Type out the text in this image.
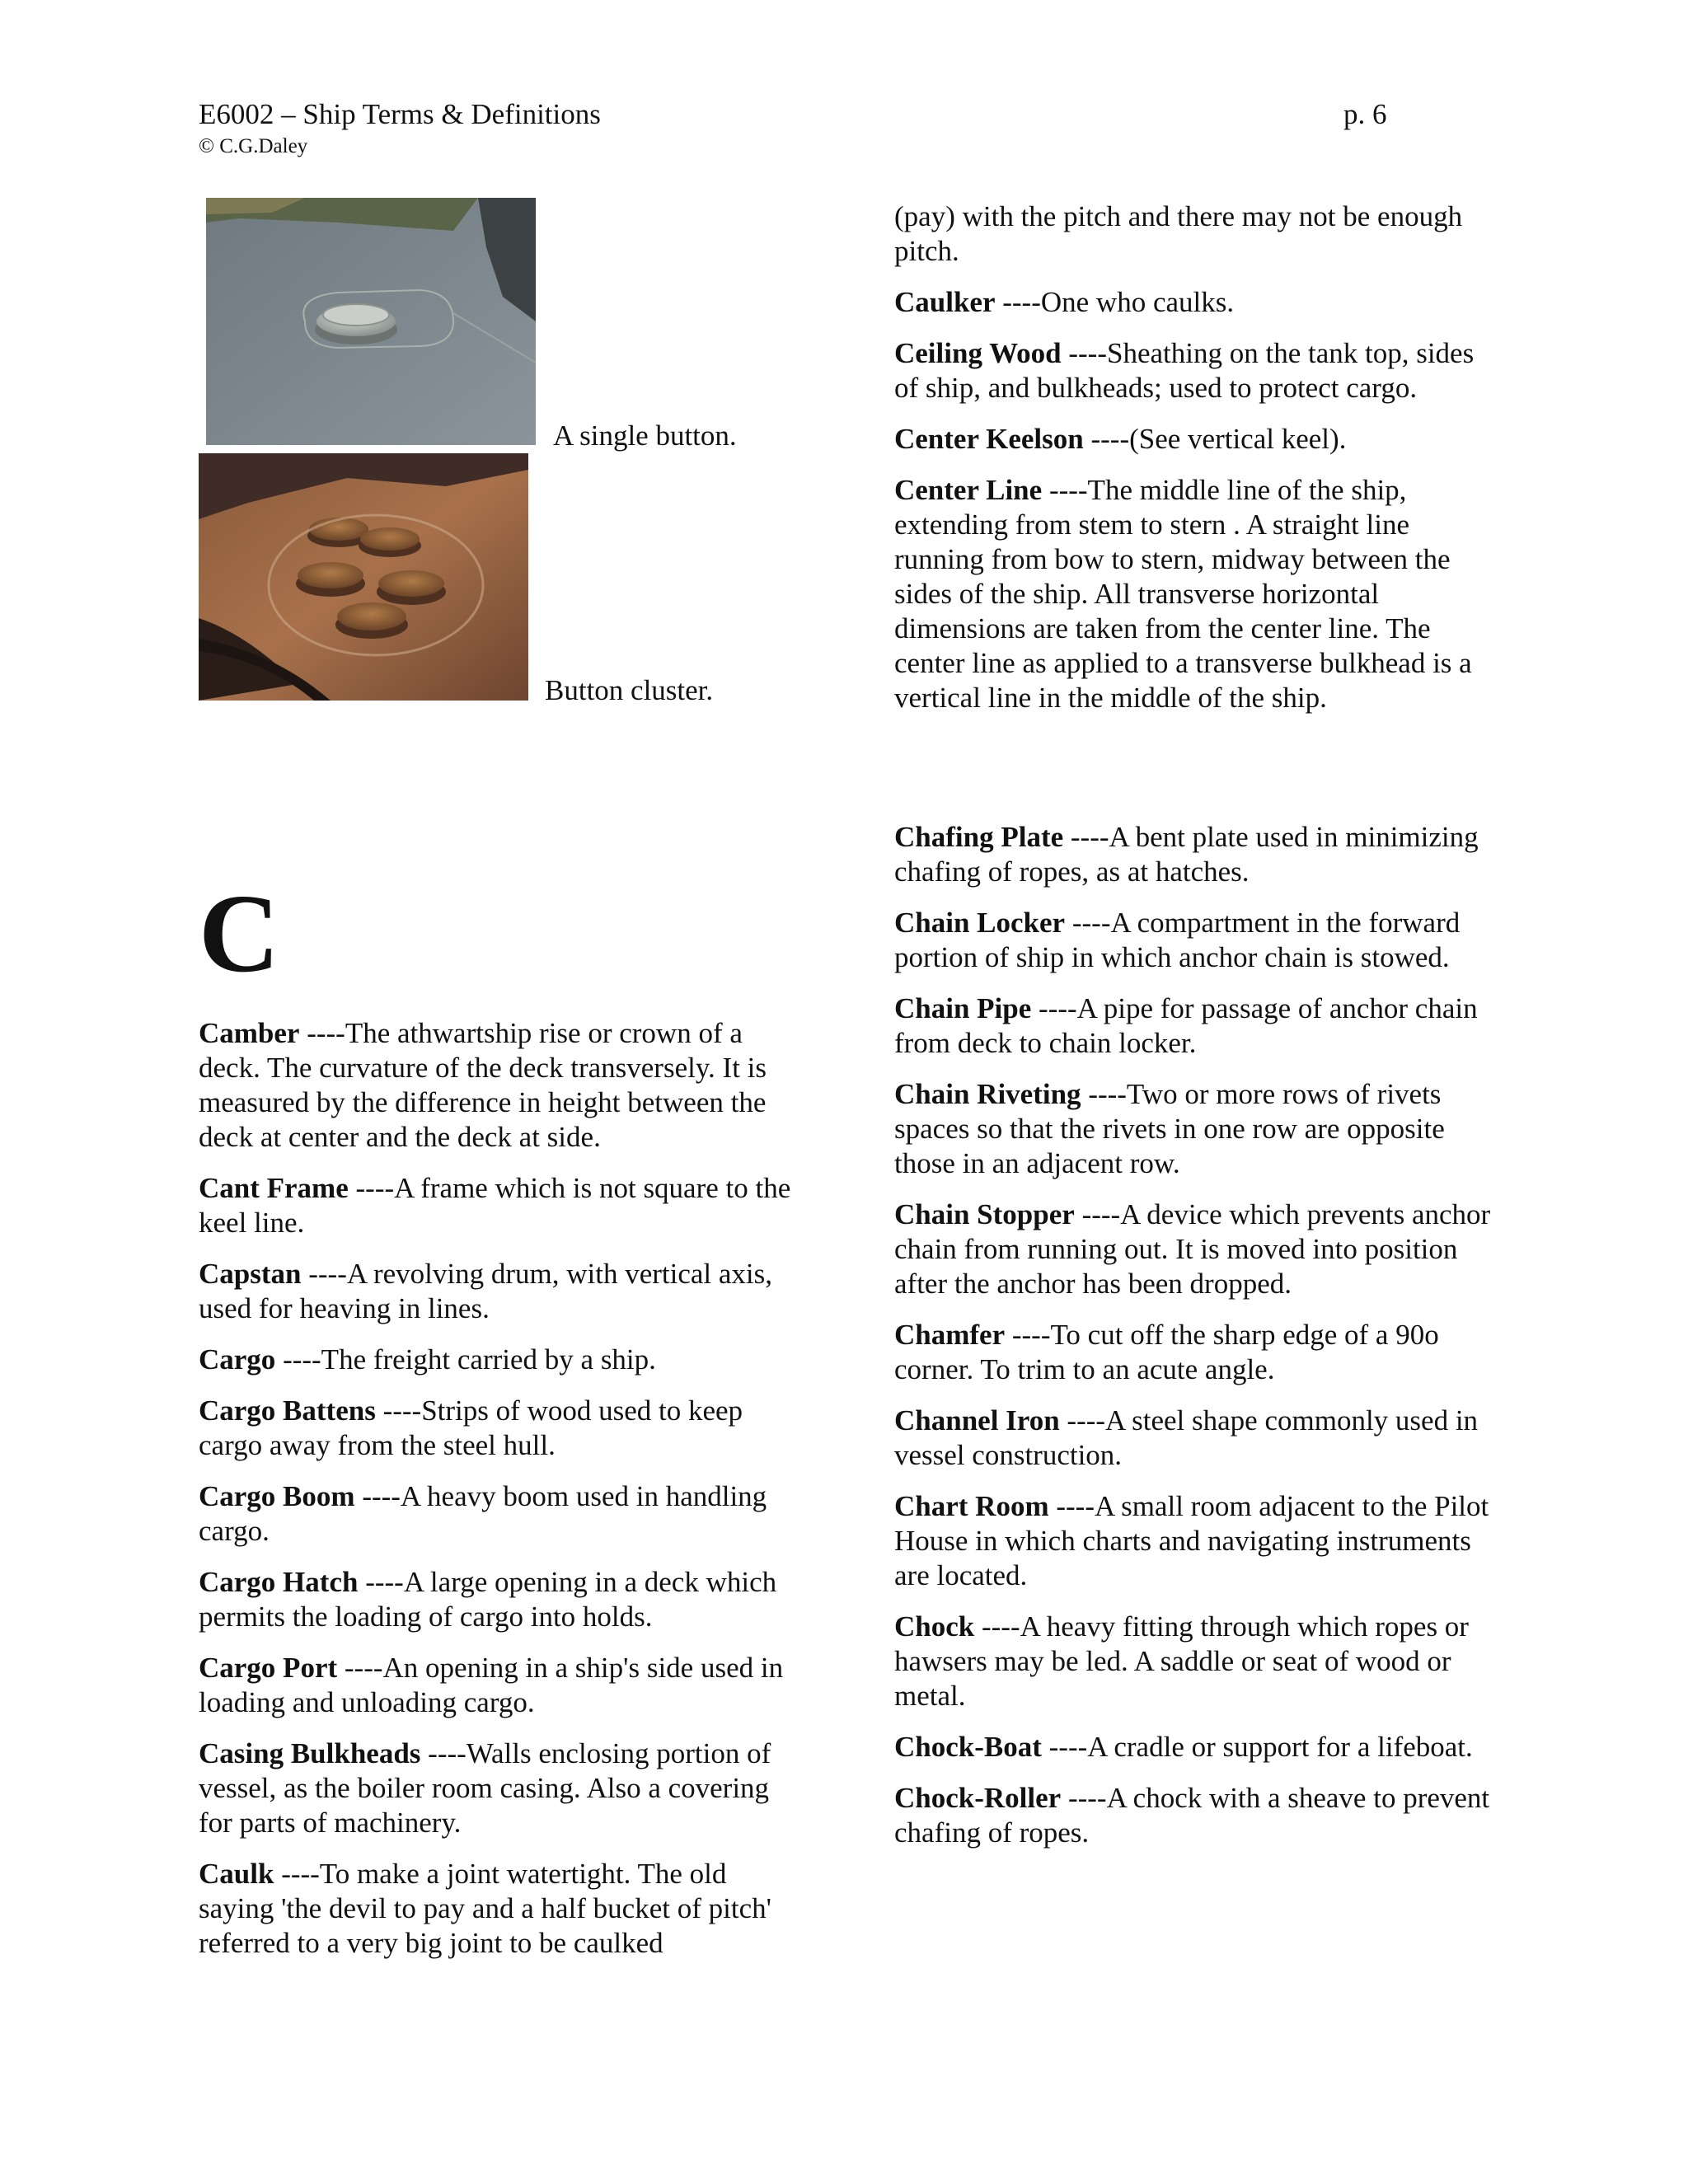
E6002 – Ship Terms & Definitions
© C.G.Daley
p. 6
A single button.
Button cluster.
C

Camber ----The athwartship rise or crown of a deck. The curvature of the deck transversely. It is measured by the difference in height between the deck at center and the deck at side.

Cant Frame ----A frame which is not square to the keel line.

Capstan ----A revolving drum, with vertical axis, used for heaving in lines.

Cargo ----The freight carried by a ship.

Cargo Battens ----Strips of wood used to keep cargo away from the steel hull.

Cargo Boom ----A heavy boom used in handling cargo.

Cargo Hatch ----A large opening in a deck which permits the loading of cargo into holds.

Cargo Port ----An opening in a ship's side used in loading and unloading cargo.

Casing Bulkheads ----Walls enclosing portion of vessel, as the boiler room casing. Also a covering for parts of machinery.

Caulk ----To make a joint watertight. The old saying 'the devil to pay and a half bucket of pitch' referred to a very big joint to be caulked

(pay) with the pitch and there may not be enough pitch.

Caulker ----One who caulks.

Ceiling Wood ----Sheathing on the tank top, sides of ship, and bulkheads; used to protect cargo.

Center Keelson ----(See vertical keel).

Center Line ----The middle line of the ship, extending from stem to stern . A straight line running from bow to stern, midway between the sides of the ship. All transverse horizontal dimensions are taken from the center line. The center line as applied to a transverse bulkhead is a vertical line in the middle of the ship.

Chafing Plate ----A bent plate used in minimizing chafing of ropes, as at hatches.

Chain Locker ----A compartment in the forward portion of ship in which anchor chain is stowed.

Chain Pipe ----A pipe for passage of anchor chain from deck to chain locker.

Chain Riveting ----Two or more rows of rivets spaces so that the rivets in one row are opposite those in an adjacent row.

Chain Stopper ----A device which prevents anchor chain from running out. It is moved into position after the anchor has been dropped.

Chamfer ----To cut off the sharp edge of a 90o corner. To trim to an acute angle.

Channel Iron ----A steel shape commonly used in vessel construction.

Chart Room ----A small room adjacent to the Pilot House in which charts and navigating instruments are located.

Chock ----A heavy fitting through which ropes or hawsers may be led. A saddle or seat of wood or metal.

Chock-Boat ----A cradle or support for a lifeboat.

Chock-Roller ----A chock with a sheave to prevent chafing of ropes.
